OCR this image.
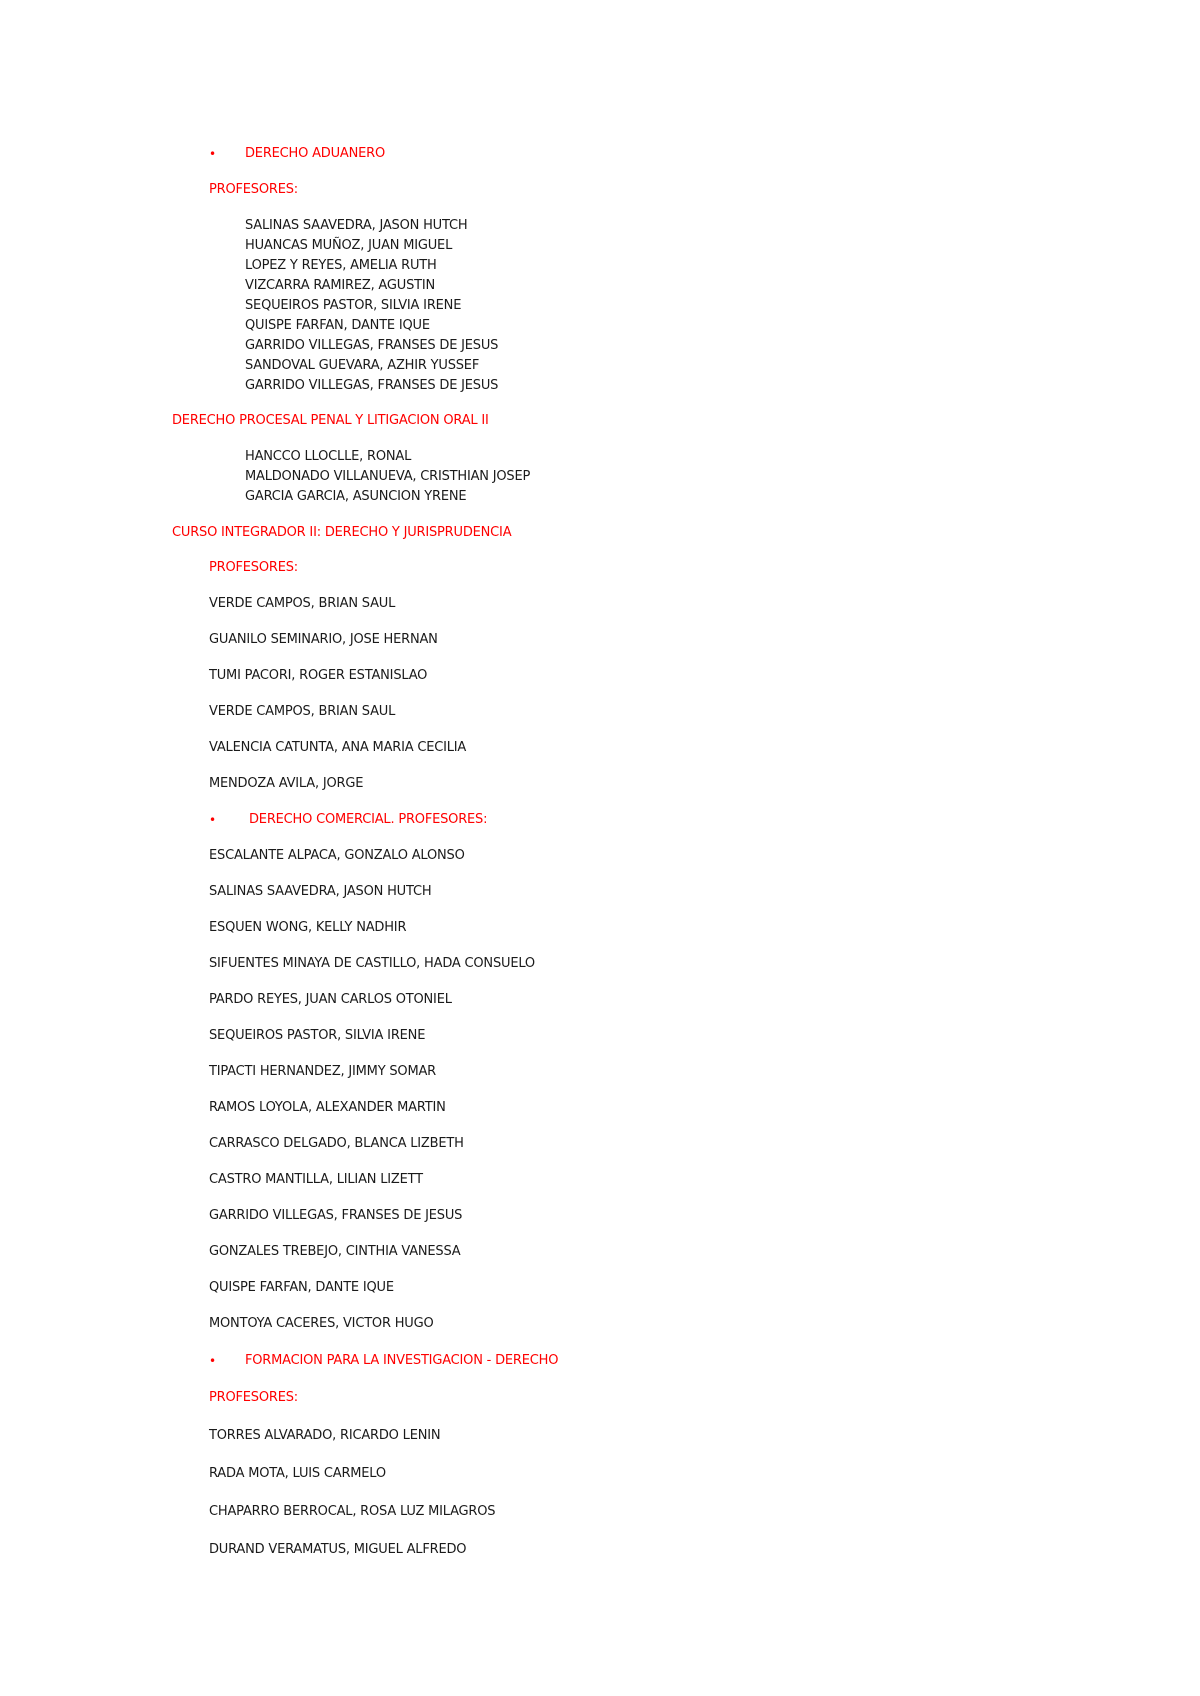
• DERECHO ADUANERO
PROFESORES:
SALINAS SAAVEDRA, JASON HUTCH
HUANCAS MUÑOZ, JUAN MIGUEL
LOPEZ Y REYES, AMELIA RUTH
VIZCARRA RAMIREZ, AGUSTIN
SEQUEIROS PASTOR, SILVIA IRENE
QUISPE FARFAN, DANTE IQUE
GARRIDO VILLEGAS, FRANSES DE JESUS
SANDOVAL GUEVARA, AZHIR YUSSEF
GARRIDO VILLEGAS, FRANSES DE JESUS
DERECHO PROCESAL PENAL Y LITIGACION ORAL II
HANCCO LLOCLLE, RONAL
MALDONADO VILLANUEVA, CRISTHIAN JOSEP
GARCIA GARCIA, ASUNCION YRENE
CURSO INTEGRADOR II: DERECHO Y JURISPRUDENCIA
PROFESORES:
VERDE CAMPOS, BRIAN SAUL
GUANILO SEMINARIO, JOSE HERNAN
TUMI PACORI, ROGER ESTANISLAO
VERDE CAMPOS, BRIAN SAUL
VALENCIA CATUNTA, ANA MARIA CECILIA
MENDOZA AVILA, JORGE
•	DERECHO COMERCIAL. PROFESORES:
ESCALANTE ALPACA, GONZALO ALONSO
SALINAS SAAVEDRA, JASON HUTCH
ESQUEN WONG, KELLY NADHIR
SIFUENTES MINAYA DE CASTILLO, HADA CONSUELO
PARDO REYES, JUAN CARLOS OTONIEL
SEQUEIROS PASTOR, SILVIA IRENE
TIPACTI HERNANDEZ, JIMMY SOMAR
RAMOS LOYOLA, ALEXANDER MARTIN
CARRASCO DELGADO, BLANCA LIZBETH
CASTRO MANTILLA, LILIAN LIZETT
GARRIDO VILLEGAS, FRANSES DE JESUS
GONZALES TREBEJO, CINTHIA VANESSA
QUISPE FARFAN, DANTE IQUE
MONTOYA CACERES, VICTOR HUGO
• FORMACION PARA LA INVESTIGACION - DERECHO
PROFESORES:
TORRES ALVARADO, RICARDO LENIN
RADA MOTA, LUIS CARMELO
CHAPARRO BERROCAL, ROSA LUZ MILAGROS
DURAND VERAMATUS, MIGUEL ALFREDO
